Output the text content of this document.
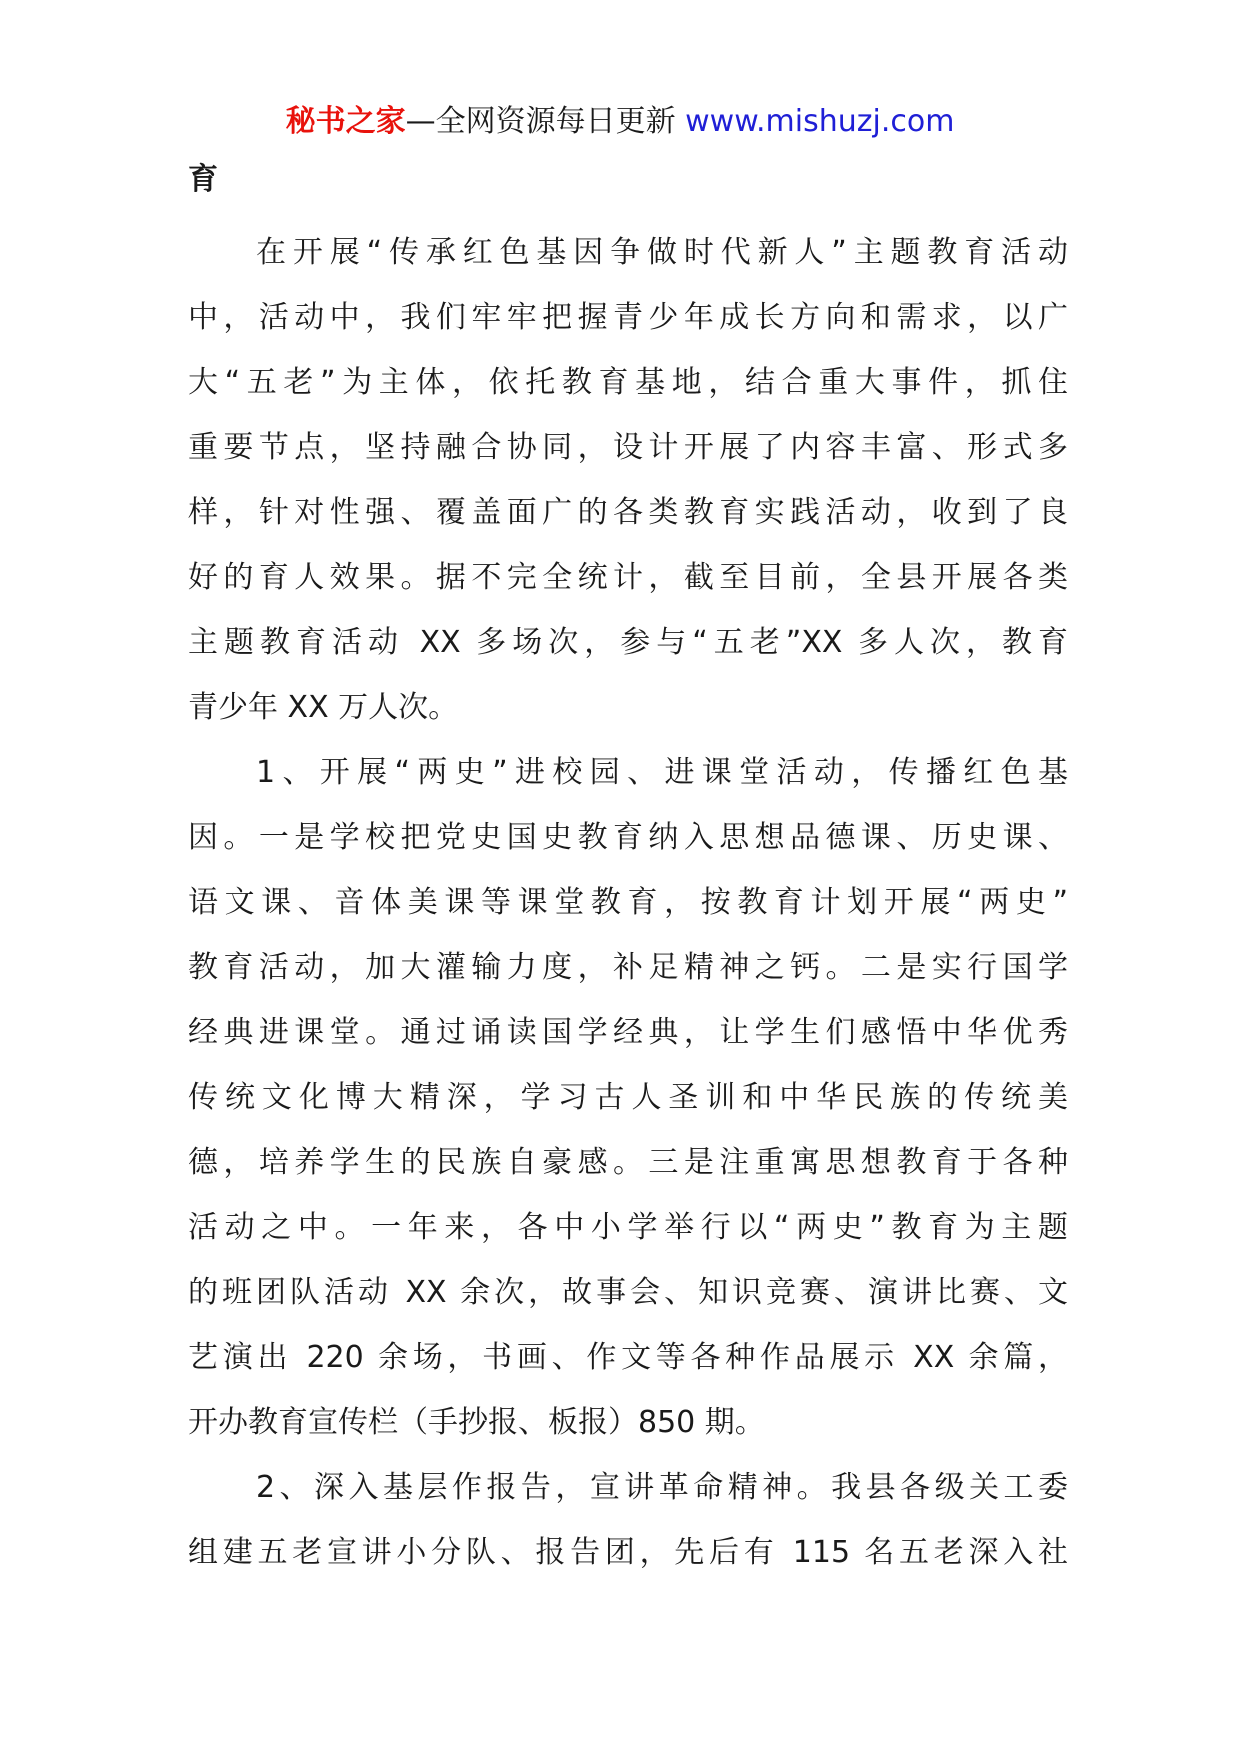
秘书之家—全网资源每日更新 www.mishuzj.com
育
在开展“传承红色基因争做时代新人”主题教育活动
中，活动中，我们牢牢把握青少年成长方向和需求，以广
大“五老”为主体，依托教育基地，结合重大事件，抓住
重要节点，坚持融合协同，设计开展了内容丰富、形式多
样，针对性强、覆盖面广的各类教育实践活动，收到了良
好的育人效果。据不完全统计，截至目前，全县开展各类
主题教育活动 XX 多场次，参与“五老”XX 多人次，教育
青少年 XX 万人次。
1、开展“两史”进校园、进课堂活动，传播红色基
因。一是学校把党史国史教育纳入思想品德课、历史课、
语文课、音体美课等课堂教育，按教育计划开展“两史”
教育活动，加大灌输力度，补足精神之钙。二是实行国学
经典进课堂。通过诵读国学经典，让学生们感悟中华优秀
传统文化博大精深，学习古人圣训和中华民族的传统美
德，培养学生的民族自豪感。三是注重寓思想教育于各种
活动之中。一年来，各中小学举行以“两史”教育为主题
的班团队活动 XX 余次，故事会、知识竞赛、演讲比赛、文
艺演出 220 余场，书画、作文等各种作品展示 XX 余篇，
开办教育宣传栏（手抄报、板报）850 期。
2、深入基层作报告，宣讲革命精神。我县各级关工委
组建五老宣讲小分队、报告团，先后有 115 名五老深入社
